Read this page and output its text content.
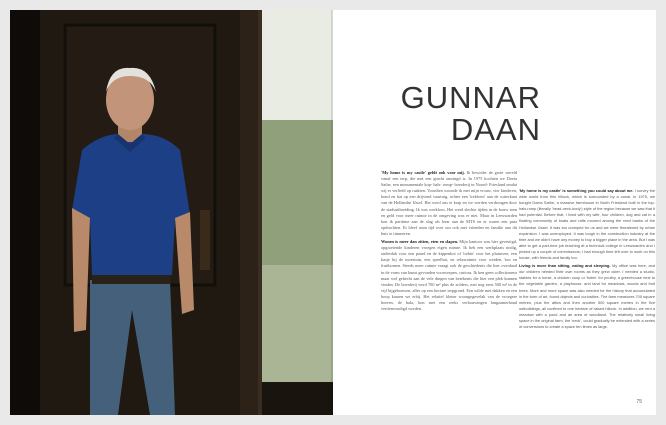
GUNNAR
DAAN

'My home is my castle' geldt ook voor mij. Ik bewoder de grote wereld vanaf een terp, die met een gracht omringd is. In 1975 kochten we Doeia Sathe, een monumentale kop- hals- romp- boerderij in Noord- Friesland omdat wij er verliefd op raakten. Voordien woonde ik met mijn vrouw, vier kinderen, hond en kat op een drijvend vaartuig, achter een 'trekfoen' aan de waterkant van de Hollandse IJssel. Het werd ons te krap en we werden verdrongen door de stadsuitbreiding. Ik was werkloos. Het werd slechte tijden in de bouw toen en geld voor meer ruimte in de omgeving was er niet. Maar in Leeuwarden kon ik parttime aan de slag als lerar aan de MTS en er waren een paar opdrachten. Er bleef ruim tijd over om ook met vrienden en familie aan dit huis te timmeren.

Wonen is meer dan zitten, eten en slapen. Mijn kantoor was hier gevestigd, opgroeiende kinderen vroegen eigen ruimte. Ik heb een werkplaats nodig, onderdak voor een paard en de kippenkot of 'tiobin' voor het pluimvee, een kasje bij de moestuin, een speelhut, en relaxruimte voor weiden, bos en fruitbomen. Steeds meer ruimte vraagt ook de geschiedenis die hier overdaad in de vorm van kunst gevonden voorwerpen, curiosa. Ik ben geen collectioneur maar wel gehecht aan de vele dingen van betekenis die hier een plek kunnen vinden. De boerderij werd 700 m² plus de zolders, met nog eens 500 m² in de vijf bijgebouwen, alles op een hectare terpgrond. Een wilde met dakken en een boop kaaren we erbij. Het relatief kleine woongegevelak van de vroegere boeren, de hala, kon met een reeks verbouwingen langzamerhand vertienvoudigd worden.

'My home is my castle' is something you could say about me. I survey the wide world from this hillock, which is surrounded by a canal. In 1975, we bought Doeia Sathe, a massive farmhouse in North Friesland built in the top-hals-romp (literally 'head-neck-body') style of the region because we saw that it had potential. Before that, I lived with my wife, four children, dog and cat in a floating community of boats and rafts moored among the reed banks of the Hollandse IJssel. It was too cramped for us and we were threatened by urban expansion. I was unemployed. It was tough in the construction industry at the time and we didn't have any money to buy a bigger place in the area. But I was able to get a part-time job teaching at a technical college in Leeuwarden and I picked up a couple of commissions; I had enough time left over to work on this house, with friends and family too.

Living is more than sitting, eating and sleeping. My office was here, and our children needed their own rooms as they grew older. I needed a studio, stables for a horse, a chicken coop or 'tiobin' for poultry, a greenhouse next to the vegetable garden, a playhouse, and land for meadows, woods and fruit trees. More and more space was also needed for the history that accumulated in the form of art, found objects and curiosities. The farm measures 700 square metres, plus the attics and then another 500 square metres in the five outbuildings, all confined to one hectare of raised hillock. In addition, we rent a meadow with a pond and an area of woodland. The relatively small living space in the original farm, the 'neck', could gradually be extended with a series of conversions to create a space ten times as large.

75
